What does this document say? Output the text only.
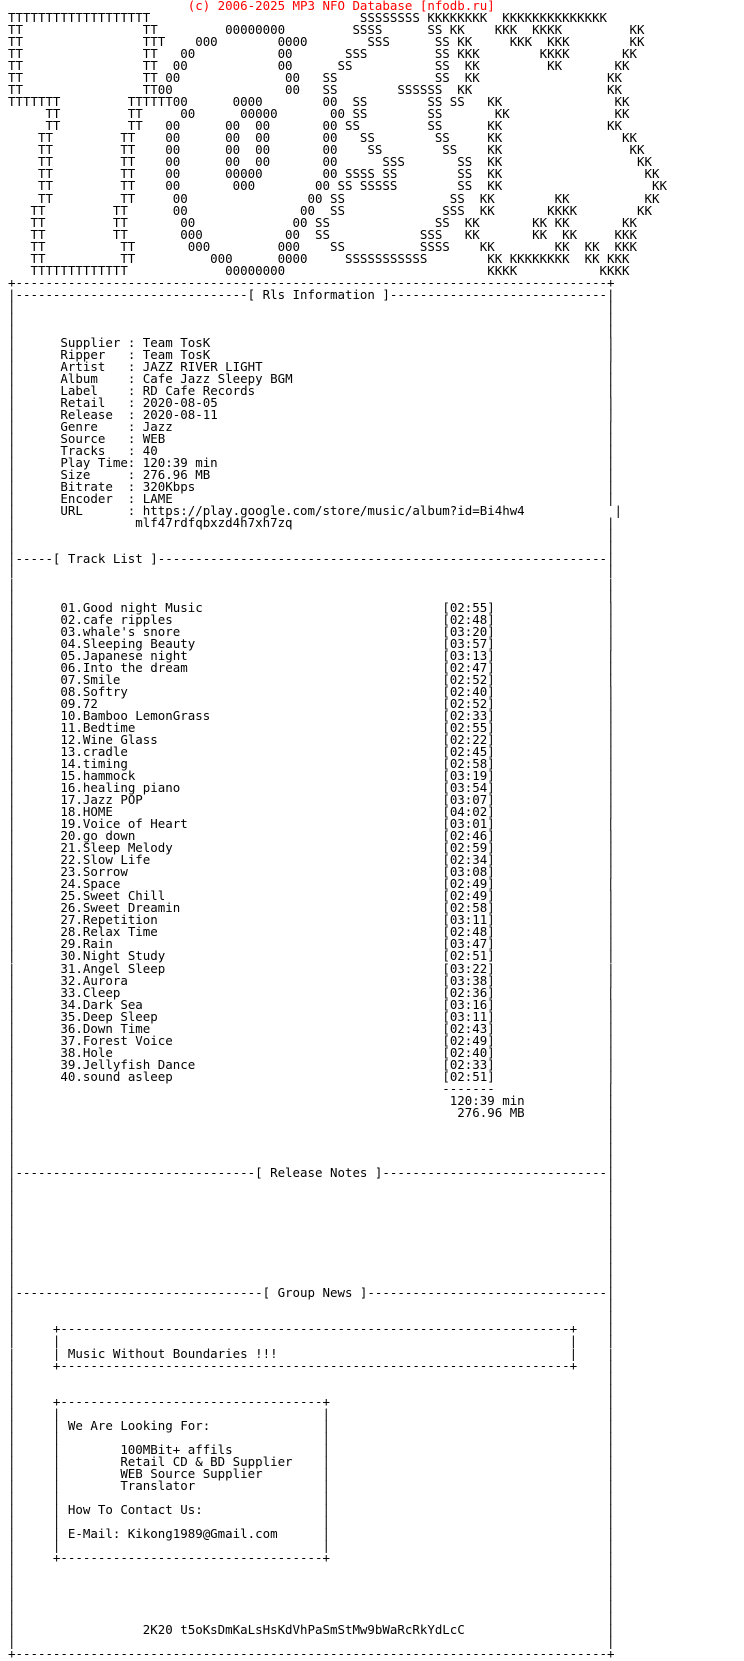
(c) 2006-2025 MP3 NFO Database [nfodb.ru]
TTTTTTTTTTTTTTTTTTT                            SSSSSSSS KKKKKKKK  KKKKKKKKKKKKKK
TT                TT         00000000         SSSS      SS KK    KKK  KKKK         KK
TT                TTT    000        0000        SSS      SS KK     KKK  KKK        KK
TT                TT   00           00       SSS         SS KKK        KKKK       KK
TT                TT  00            00      SS           SS  KK         KK       KK
TT                TT 00              00   SS             SS  KK                 KK
TT                TT00               00   SS        SSSSSS  KK                  KK
TTTTTTT         TTTTTT00      0000        00  SS        SS SS   KK               KK
TT         TT     00      00000       00 SS        SS       KK              KK
TT         TT   00      00  00       00 SS         SS      KK              KK
TT         TT    00      00  00       00   SS        SS     KK                KK
TT         TT    00      00  00       00    SS        SS    KK                 KK
TT         TT    00      00  00       00      SSS       SS  KK                  KK
TT         TT    00      00000        00 SSSS SS        SS  KK                   KK
TT         TT    00       000        00 SS SSSSS        SS  KK                    KK
TT         TT     00                00 SS              SS  KK        KK          KK
TT         TT      00               00  SS             SSS  KK       KKKK        KK
TT         TT       00             00 SS              SS  KK       KK KK       KK
TT         TT       000           00  SS            SSS   KK       KK  KK     KKK
TT          TT       000         000    SS          SSSS    KK        KK  KK  KKK
TT          TT          000      0000     SSSSSSSSSSS        KK KKKKKKKK  KK KKK
TTTTTTTTTTTTT             00000000                           KKKK           KKKK
+-------------------------------------------------------------------------------+
|-------------------------------[ Rls Information ]-----------------------------|
|                                                                               |
|                                                                               |
|                                                                               |
|      Supplier : Team TosK                                                     |
|      Ripper   : Team TosK                                                     |
|      Artist   : JAZZ RIVER LIGHT                                              |
|      Album    : Cafe Jazz Sleepy BGM                                          |
|      Label    : RD Cafe Records                                               |
|      Retail   : 2020-08-05                                                    |
|      Release  : 2020-08-11                                                    |
|      Genre    : Jazz                                                          |
|      Source   : WEB                                                           |
|      Tracks   : 40                                                            |
|      Play Time: 120:39 min                                                    |
|      Size     : 276.96 MB                                                     |
|      Bitrate  : 320Kbps                                                       |
|      Encoder  : LAME                                                          |
|      URL      : https://play.google.com/store/music/album?id=Bi4hw4            |
|                mlf47rdfqbxzd4h7xh7zq                                          |
|                                                                               |
|                                                                               |
|-----[ Track List ]------------------------------------------------------------|
|                                                                               |
|                                                                               |
|                                                                               |
|      01.Good night Music	[02:55]               |
|      02.cafe ripples	[02:48]               |
|      03.whale's snore	[03:20]               |
|      04.Sleeping Beauty	[03:57]               |
|      05.Japanese night	[03:13]               |
|      06.Into the dream	[02:47]               |
|      07.Smile	[02:52]               |
|      08.Softry	[02:40]               |
|      09.72	[02:52]               |
|      10.Bamboo LemonGrass	[02:33]               |
|      11.Bedtime	[02:55]               |
|      12.Wine Glass	[02:22]               |
|      13.cradle	[02:45]               |
|      14.timing	[02:58]               |
|      15.hammock	[03:19]               |
|      16.healing piano	[03:54]               |
|      17.Jazz POP	[03:07]               |
|      18.HOME	[04:02]               |
|      19.Voice of Heart	[03:01]               |
|      20.go down	[02:46]               |
|      21.Sleep Melody	[02:59]               |
|      22.Slow Life	[02:34]               |
|      23.Sorrow	[03:08]               |
|      24.Space	[02:49]               |
|      25.Sweet Chill	[02:49]               |
|      26.Sweet Dreamin	[02:58]               |
|      27.Repetition	[03:11]               |
|      28.Relax Time	[02:48]               |
|      29.Rain	[03:47]               |
|      30.Night Study	[02:51]               |
|      31.Angel Sleep	[03:22]               |
|      32.Aurora	[03:38]               |
|      33.Cleep	[02:36]               |
|      34.Dark Sea	[03:16]               |
|      35.Deep Sleep	[03:11]               |
|      36.Down Time	[02:43]               |
|      37.Forest Voice	[02:49]               |
|      38.Hole	[02:40]               |
|      39.Jellyfish Dance	[02:33]               |
|      40.sound asleep	[02:51]               |
|                                                         -------               |
|                                                          120:39 min           |
|                                                           276.96 MB           |
|                                                                               |
|                                                                               |
|                                                                               |
|                                                                               |
|--------------------------------[ Release Notes ]------------------------------|
|                                                                               |
|                                                                               |
|                                                                               |
|                                                                               |
|                                                                               |
|                                                                               |
|                                                                               |
|                                                                               |
|                                                                               |
|---------------------------------[ Group News ]--------------------------------|
|                                                                               |
|                                                                               |
|     +--------------------------------------------------------------------+    |
|     |                                                                    |    |
|     | Music Without Boundaries !!!                                       |    |
|     +--------------------------------------------------------------------+    |
|                                                                               |
|                                                                               |
|     +-----------------------------------+                                     |
|     |                                   |                                     |
|     | We Are Looking For:               |                                     |
|     |                                   |                                     |
|     |        100MBit+ affils            |                                     |
|     |        Retail CD & BD Supplier    |                                     |
|     |        WEB Source Supplier        |                                     |
|     |        Translator                 |                                     |
|     |                                   |                                     |
|     | How To Contact Us:                |                                     |
|     |                                   |                                     |
|     | E-Mail: Kikong1989@Gmail.com      |                                     |
|     |                                   |                                     |
|     +-----------------------------------+                                     |
|                                                                               |
|                                                                               |
|                                                                               |
|                                                                               |
|                                                                               |
|                 2K20 t5oKsDmKaLsHsKdVhPaSmStMw9bWaRcRkYdLcC                   |
|                                                                               |
+-------------------------------------------------------------------------------+
